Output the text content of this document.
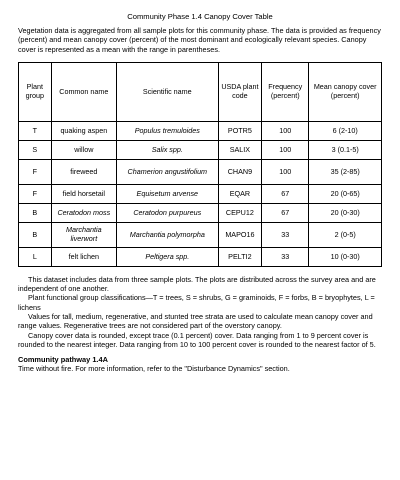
Community Phase 1.4 Canopy Cover Table

Vegetation data is aggregated from all sample plots for this community phase. The data is provided as frequency (percent) and mean canopy cover (percent) of the most dominant and ecologically relevant species. Canopy cover is represented as a mean with the range in parentheses.

Plant group	Common name	Scientific name	USDA plant code	Frequency (percent)	Mean canopy cover (percent)
T	quaking aspen	Populus tremuloides	POTR5	100	6 (2-10)
S	willow	Salix spp.	SALIX	100	3 (0.1-5)
F	fireweed	Chamerion angustifolium	CHAN9	100	35 (2-85)
F	field horsetail	Equisetum arvense	EQAR	67	20 (0-65)
B	Ceratodon moss	Ceratodon purpureus	CEPU12	67	20 (0-30)
B	Marchantia liverwort	Marchantia polymorpha	MAPO16	33	2 (0-5)
L	felt lichen	Peltigera spp.	PELTI2	33	10 (0-30)

This dataset includes data from three sample plots. The plots are distributed across the survey area and are independent of one another.

Plant functional group classifications—T = trees, S = shrubs, G = graminoids, F = forbs, B = bryophytes, L = lichens

Values for tall, medium, regenerative, and stunted tree strata are used to calculate mean canopy cover and range values. Regenerative trees are not considered part of the overstory canopy.

Canopy cover data is rounded, except trace (0.1 percent) cover. Data ranging from 1 to 9 percent cover is rounded to the nearest integer. Data ranging from 10 to 100 percent cover is rounded to the nearest factor of 5.

Community pathway 1.4A

Time without fire. For more information, refer to the "Disturbance Dynamics" section.
